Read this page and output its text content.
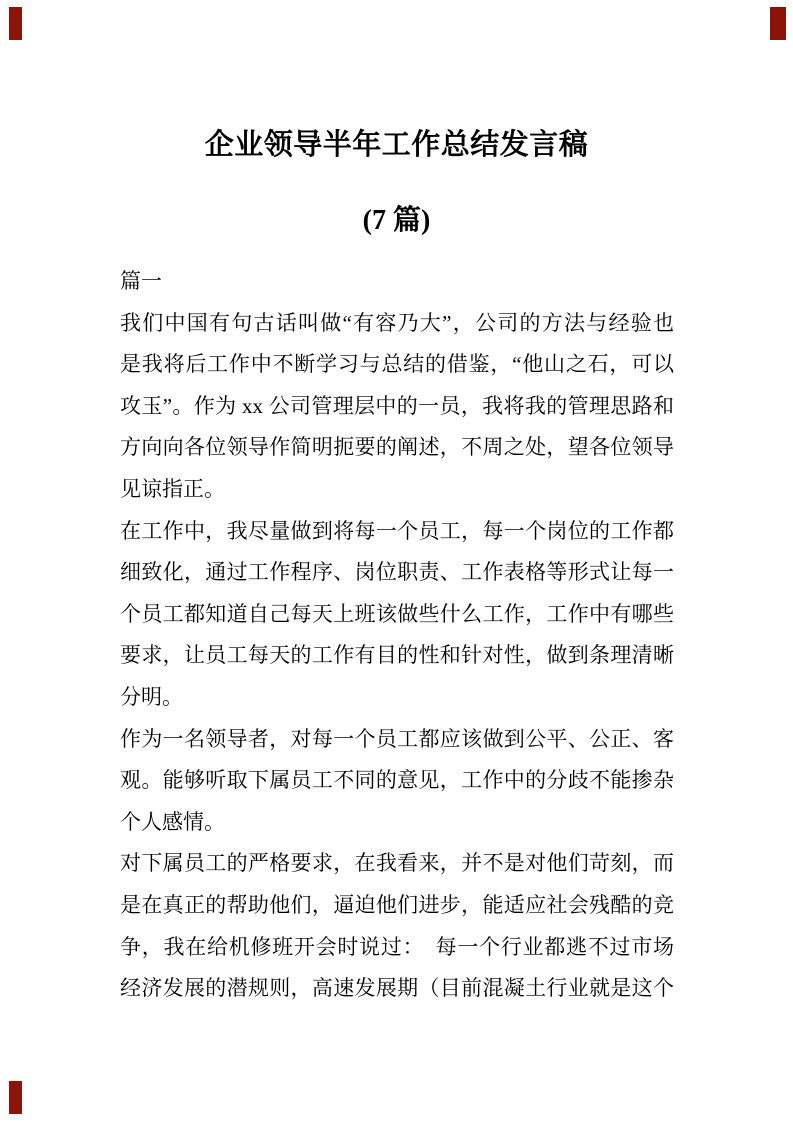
企业领导半年工作总结发言稿
(7 篇)
篇一
我们中国有句古话叫做“有容乃大”，公司的方法与经验也
是我将后工作中不断学习与总结的借鉴，“他山之石，可以
攻玉”。作为 xx 公司管理层中的一员，我将我的管理思路和
方向向各位领导作简明扼要的阐述，不周之处，望各位领导
见谅指正。
在工作中，我尽量做到将每一个员工，每一个岗位的工作都
细致化，通过工作程序、岗位职责、工作表格等形式让每一
个员工都知道自己每天上班该做些什么工作，工作中有哪些
要求，让员工每天的工作有目的性和针对性，做到条理清晰
分明。
作为一名领导者，对每一个员工都应该做到公平、公正、客
观。能够听取下属员工不同的意见，工作中的分歧不能掺杂
个人感情。
对下属员工的严格要求，在我看来，并不是对他们苛刻，而
是在真正的帮助他们，逼迫他们进步，能适应社会残酷的竞
争，我在给机修班开会时说过：　每一个行业都逃不过市场
经济发展的潜规则，高速发展期（目前混凝土行业就是这个
